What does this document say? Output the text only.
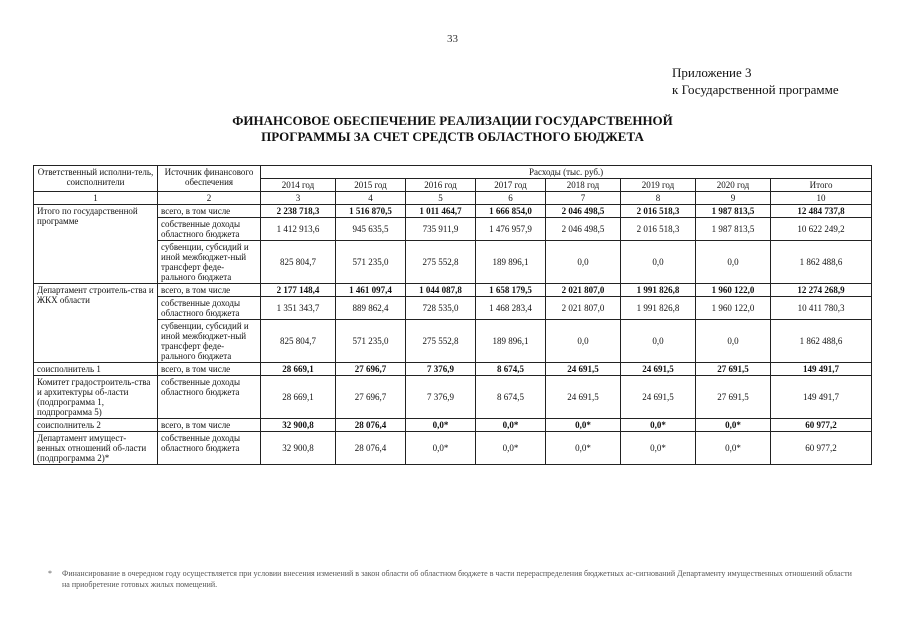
33
Приложение 3
к Государственной программе
ФИНАНСОВОЕ ОБЕСПЕЧЕНИЕ РЕАЛИЗАЦИИ ГОСУДАРСТВЕННОЙ
ПРОГРАММЫ ЗА СЧЕТ СРЕДСТВ ОБЛАСТНОГО БЮДЖЕТА
Ответственный исполни-тель, соисполнители	Источник финансового обеспечения	Расходы (тыс. руб.)							
		2014 год	2015 год	2016 год	2017 год	2018 год	2019 год	2020 год	Итого
1	2	3	4	5	6	7	8	9	10
Итого по государственной программе	всего, в том числе	2 238 718,3	1 516 870,5	1 011 464,7	1 666 854,0	2 046 498,5	2 016 518,3	1 987 813,5	12 484 737,8
	собственные доходы областного бюджета	1 412 913,6	945 635,5	735 911,9	1 476 957,9	2 046 498,5	2 016 518,3	1 987 813,5	10 622 249,2
	субвенции, субсидий и иной межбюджет-ный трансферт феде-рального бюджета	825 804,7	571 235,0	275 552,8	189 896,1	0,0	0,0	0,0	1 862 488,6
Департамент строитель-ства и ЖКХ области	всего, в том числе	2 177 148,4	1 461 097,4	1 044 087,8	1 658 179,5	2 021 807,0	1 991 826,8	1 960 122,0	12 274 268,9
	собственные доходы областного бюджета	1 351 343,7	889 862,4	728 535,0	1 468 283,4	2 021 807,0	1 991 826,8	1 960 122,0	10 411 780,3
	субвенции, субсидий и иной межбюджет-ный трансферт феде-рального бюджета	825 804,7	571 235,0	275 552,8	189 896,1	0,0	0,0	0,0	1 862 488,6
соисполнитель 1	всего, в том числе	28 669,1	27 696,7	7 376,9	8 674,5	24 691,5	24 691,5	27 691,5	149 491,7
Комитет градостроитель-ства и архитектуры об-ласти (подпрограмма 1, подпрограмма 5)	собственные доходы областного бюджета	28 669,1	27 696,7	7 376,9	8 674,5	24 691,5	24 691,5	27 691,5	149 491,7
соисполнитель 2	всего, в том числе	32 900,8	28 076,4	0,0*	0,0*	0,0*	0,0*	0,0*	60 977,2
Департамент имущест-венных отношений об-ласти (подпрограмма 2)*	собственные доходы областного бюджета	32 900,8	28 076,4	0,0*	0,0*	0,0*	0,0*	0,0*	60 977,2
* Финансирование в очередном году осуществляется при условии внесения изменений в закон области об областном бюджете в части перераспределения бюджетных ас-сигнований Департаменту имущественных отношений области на приобретение готовых жилых помещений.
